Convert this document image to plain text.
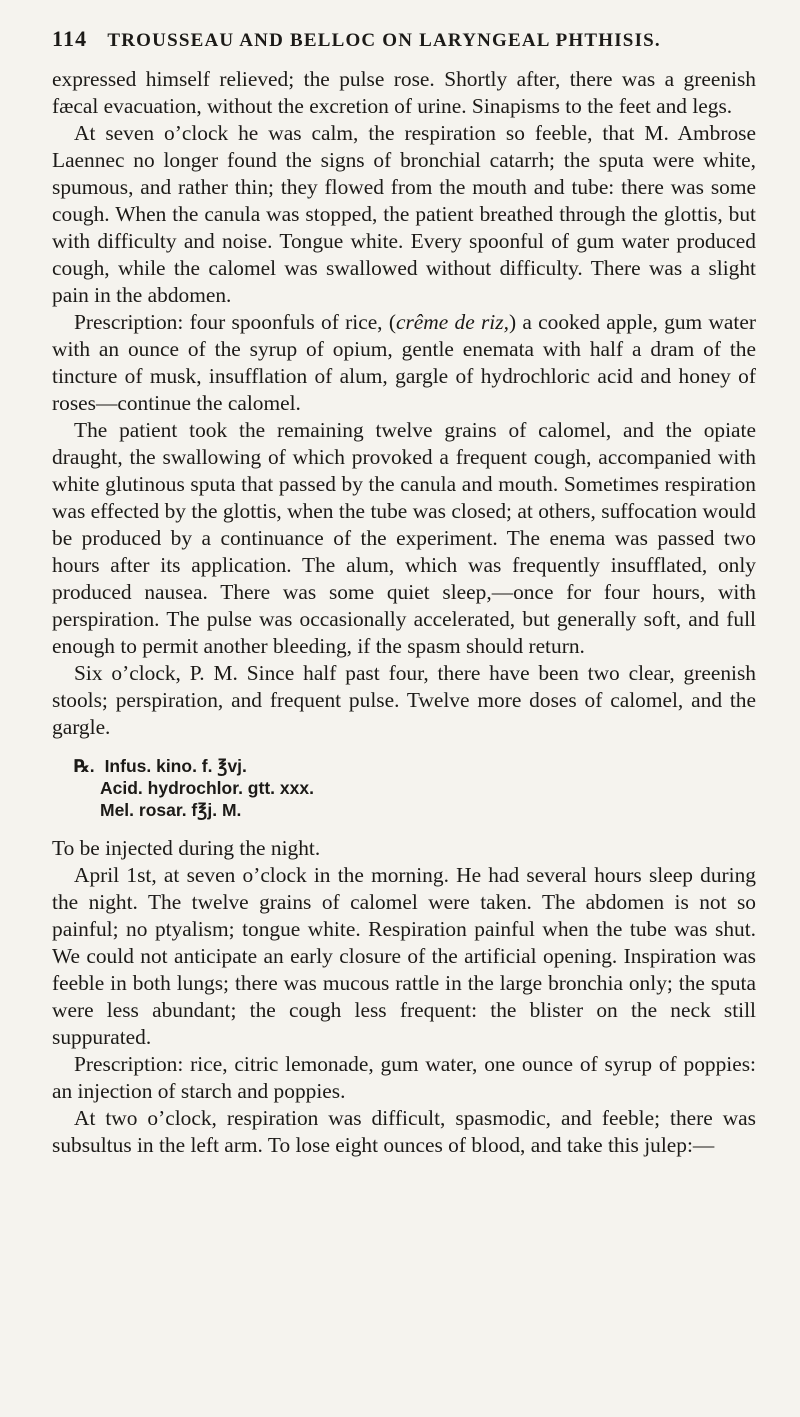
114 TROUSSEAU AND BELLOC ON LARYNGEAL PHTHISIS.

expressed himself relieved; the pulse rose. Shortly after, there was a greenish fæcal evacuation, without the excretion of urine. Sinapisms to the feet and legs.

At seven o’clock he was calm, the respiration so feeble, that M. Ambrose Laennec no longer found the signs of bronchial catarrh; the sputa were white, spumous, and rather thin; they flowed from the mouth and tube: there was some cough. When the canula was stopped, the patient breathed through the glottis, but with difficulty and noise. Tongue white. Every spoonful of gum water produced cough, while the calomel was swallowed without difficulty. There was a slight pain in the abdomen.

Prescription: four spoonfuls of rice, (crême de riz,) a cooked apple, gum water with an ounce of the syrup of opium, gentle enemata with half a dram of the tincture of musk, insufflation of alum, gargle of hydrochloric acid and honey of roses—continue the calomel.

The patient took the remaining twelve grains of calomel, and the opiate draught, the swallowing of which provoked a frequent cough, accompanied with white glutinous sputa that passed by the canula and mouth. Sometimes respiration was effected by the glottis, when the tube was closed; at others, suffocation would be produced by a continuance of the experiment. The enema was passed two hours after its application. The alum, which was frequently insufflated, only produced nausea. There was some quiet sleep,—once for four hours, with perspiration. The pulse was occasionally accelerated, but generally soft, and full enough to permit another bleeding, if the spasm should return.

Six o’clock, P. M. Since half past four, there have been two clear, greenish stools; perspiration, and frequent pulse. Twelve more doses of calomel, and the gargle.

℞. Infus. kino. f. ℥vj.
Acid. hydrochlor. gtt. xxx.
Mel. rosar. f℥j. M.

To be injected during the night.

April 1st, at seven o’clock in the morning. He had several hours sleep during the night. The twelve grains of calomel were taken. The abdomen is not so painful; no ptyalism; tongue white. Respiration painful when the tube was shut. We could not anticipate an early closure of the artificial opening. Inspiration was feeble in both lungs; there was mucous rattle in the large bronchia only; the sputa were less abundant; the cough less frequent: the blister on the neck still suppurated.

Prescription: rice, citric lemonade, gum water, one ounce of syrup of poppies: an injection of starch and poppies.

At two o’clock, respiration was difficult, spasmodic, and feeble; there was subsultus in the left arm. To lose eight ounces of blood, and take this julep:—
